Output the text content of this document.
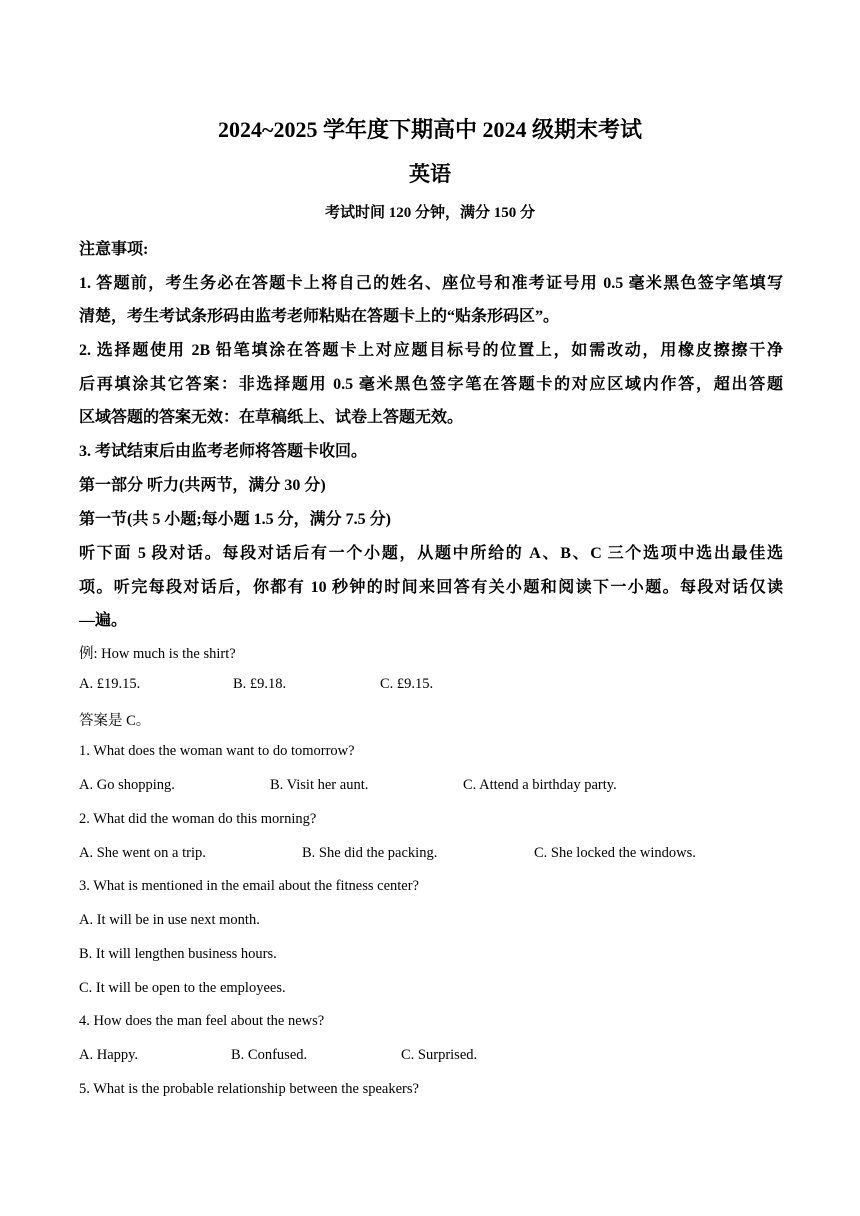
2024~2025 学年度下期高中 2024 级期末考试
英语
考试时间 120 分钟，满分 150 分
注意事项:
1. 答题前，考生务必在答题卡上将自己的姓名、座位号和准考证号用 0.5 毫米黑色签字笔填写
清楚，考生考试条形码由监考老师粘贴在答题卡上的“贴条形码区”。
2. 选择题使用 2B 铅笔填涂在答题卡上对应题目标号的位置上，如需改动，用橡皮擦擦干净
后再填涂其它答案：非选择题用 0.5 毫米黑色签字笔在答题卡的对应区域内作答，超出答题
区域答题的答案无效：在草稿纸上、试卷上答题无效。
3. 考试结束后由监考老师将答题卡收回。
第一部分 听力(共两节，满分 30 分)
第一节(共 5 小题;每小题 1.5 分，满分 7.5 分)
听下面 5 段对话。每段对话后有一个小题，从题中所给的 A、B、C 三个选项中选出最佳选
项。听完每段对话后，你都有 10 秒钟的时间来回答有关小题和阅读下一小题。每段对话仅读
—遍。
例: How much is the shirt?
A. £19.15.	B. £9.18.	C. £9.15.
答案是 C。
1. What does the woman want to do tomorrow?
A. Go shopping.	B. Visit her aunt.	C. Attend a birthday party.
2. What did the woman do this morning?
A. She went on a trip.	B. She did the packing.	C. She locked the windows.
3. What is mentioned in the email about the fitness center?
A. It will be in use next month.
B. It will lengthen business hours.
C. It will be open to the employees.
4. How does the man feel about the news?
A. Happy.	B. Confused.	C. Surprised.
5. What is the probable relationship between the speakers?
